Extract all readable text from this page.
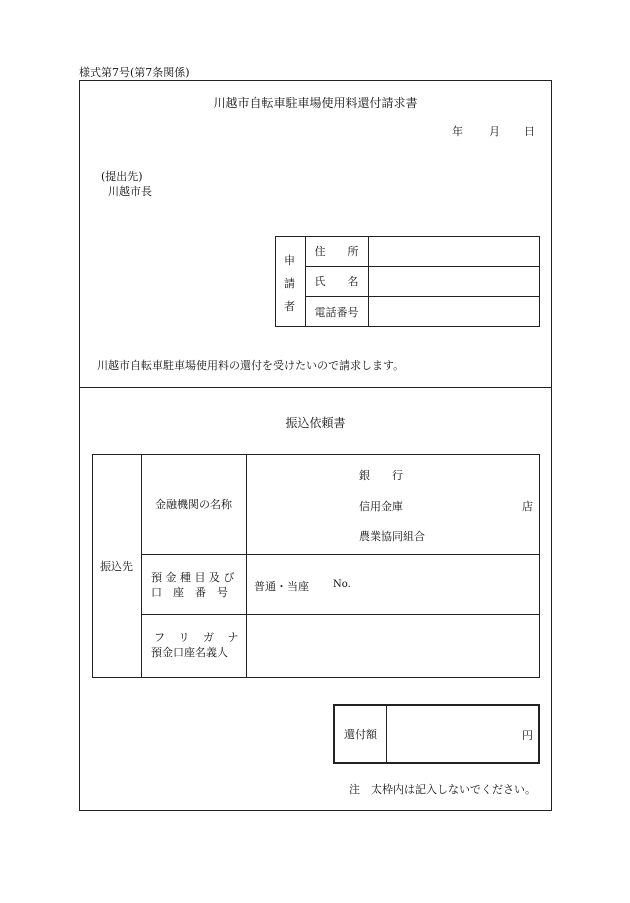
様式第7号(第7条関係)
川越市自転車駐車場使用料還付請求書
年 月 日
(提出先)
川越市長
申
請
者
住　　所
氏　　名
電話番号
川越市自転車駐車場使用料の還付を受けたいので請求します。
振込依頼書
振込先
金融機関の名称
銀　　行
信用金庫
農業協同組合
店
預 金 種 目 及 び
口　座　番　号	普通・当座 No.
フ リ ガ ナ
預金口座名義人
還付額	円
注　太枠内は記入しないでください。
